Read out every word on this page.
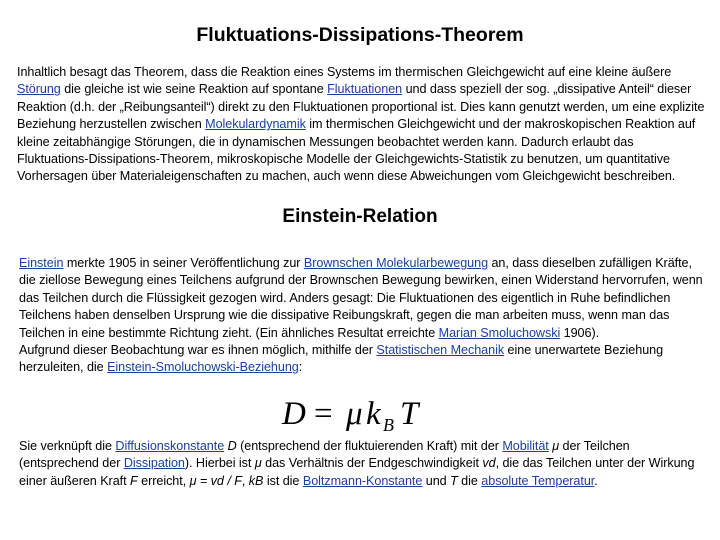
Fluktuations-Dissipations-Theorem

Inhaltlich besagt das Theorem, dass die Reaktion eines Systems im thermischen Gleichgewicht auf eine kleine äußere Störung die gleiche ist wie seine Reaktion auf spontane Fluktuationen und dass speziell der sog. „dissipative Anteil“ dieser Reaktion (d.h. der „Reibungsanteil“) direkt zu den Fluktuationen proportional ist. Dies kann genutzt werden, um eine explizite Beziehung herzustellen zwischen Molekulardynamik im thermischen Gleichgewicht und der makroskopischen Reaktion auf kleine zeitabhängige Störungen, die in dynamischen Messungen beobachtet werden kann. Dadurch erlaubt das Fluktuations-Dissipations-Theorem, mikroskopische Modelle der Gleichgewichts-Statistik zu benutzen, um quantitative Vorhersagen über Materialeigenschaften zu machen, auch wenn diese Abweichungen vom Gleichgewicht beschreiben.

Einstein-Relation

Einstein merkte 1905 in seiner Veröffentlichung zur Brownschen Molekularbewegung an, dass dieselben zufälligen Kräfte, die ziellose Bewegung eines Teilchens aufgrund der Brownschen Bewegung bewirken, einen Widerstand hervorrufen, wenn das Teilchen durch die Flüssigkeit gezogen wird. Anders gesagt: Die Fluktuationen des eigentlich in Ruhe befindlichen Teilchens haben denselben Ursprung wie die dissipative Reibungskraft, gegen die man arbeiten muss, wenn man das Teilchen in eine bestimmte Richtung zieht. (Ein ähnliches Resultat erreichte Marian Smoluchowski 1906).
Aufgrund dieser Beobachtung war es ihnen möglich, mithilfe der Statistischen Mechanik eine unerwartete Beziehung herzuleiten, die Einstein-Smoluchowski-Beziehung:

D = μ k B T

Sie verknüpft die Diffusionskonstante D (entsprechend der fluktuierenden Kraft) mit der Mobilität μ der Teilchen (entsprechend der Dissipation). Hierbei ist μ das Verhältnis der Endgeschwindigkeit vd, die das Teilchen unter der Wirkung einer äußeren Kraft F erreicht, μ = vd / F, kB ist die Boltzmann-Konstante und T die absolute Temperatur.
